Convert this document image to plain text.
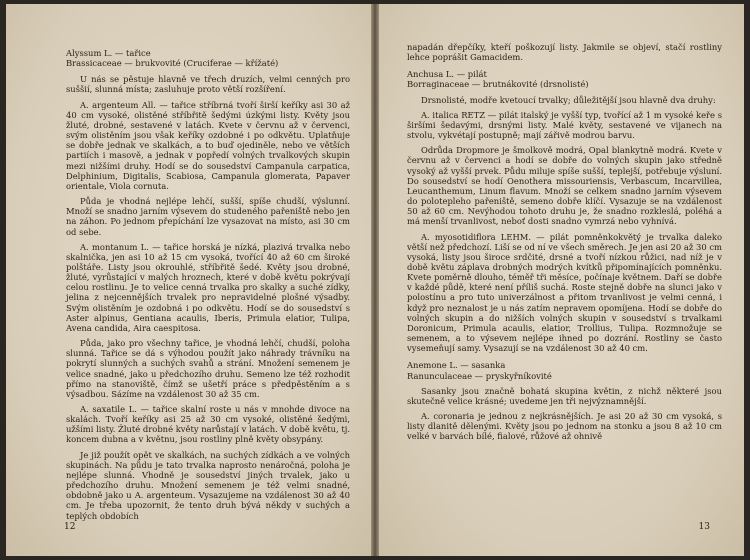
Alyssum L. — tařice

Brassicaceae — brukvovité (Cruciferae — křížaté)

U nás se pěstuje hlavně ve třech druzích, velmi cenných pro suššií, slunná místa; zasluhuje proto větší rozšíření.

A. argenteum All. — tařice stříbrná tvoří širší keříky asi 30 až 40 cm vysoké, olistěné stříbřitě šedými úzkými listy. Květy jsou žluté, drobné, sestavené v latách. Kvete v červnu až v červenci, svým olistěním jsou však keříky ozdobné i po odkvětu. Uplatňuje se dobře jednak ve skalkách, a to buď ojediněle, nebo ve větších partiích i masově, a jednak v popředí volných trvalkových skupin mezi nižšími druhy. Hodí se do sousedství Campanula carpatica, Delphinium, Digitalis, Scabiosa, Campanula glomerata, Papaver orientale, Viola cornuta.

Půda je vhodná nejlépe lehčí, sušší, spíše chudší, výslunní. Množí se snadno jarním výsevem do studeného pařeniště nebo jen na záhon. Po jednom přepíchání lze vysazovat na místo, asi 30 cm od sebe.

A. montanum L. — tařice horská je nízká, plazivá trvalka nebo skalnička, jen asi 10 až 15 cm vysoká, tvořící 40 až 60 cm široké polštáře. Listy jsou okrouhlé, stříbřitě šedé. Květy jsou drobné, žluté, vyrůstající v malých hroznech, které v době květu pokrývají celou rostlinu. Je to velice cenná trvalka pro skalky a suché zídky, jelina z nejcennějších trvalek pro nepravidelné plošné výsadby. Svým olistěním je ozdobná i po odkvětu. Hodí se do sousedství s Aster alpinus, Gentiana acaulis, Iberis, Primula elatior, Tulipa, Avena candida, Aira caespitosa.

Půda, jako pro všechny tařice, je vhodná lehčí, chudší, poloha slunná. Tařice se dá s výhodou použít jako náhrady trávníku na pokrytí slunných a suchých svahů a strání. Množení semenem je velice snadné, jako u předchozího druhu. Semeno lze též rozhodit přímo na stanoviště, čímž se ušetří práce s předpěstěním a s výsadbou. Sázíme na vzdálenost 30 až 35 cm.

A. saxatile L. — tařice skalní roste u nás v mnohde divoce na skalách. Tvoří keříky asi 25 až 30 cm vysoké, olistěné šedými, užšími listy. Žluté drobné květy narůstají v latách. V době květu, tj. koncem dubna a v květnu, jsou rostliny plně květy obsypány.

Je již použít opět ve skalkách, na suchých zídkách a ve volných skupinách. Na půdu je tato trvalka naprosto nenáročná, poloha je nejlépe slunná. Vhodně je sousedství jiných trvalek, jako u předchozího druhu. Množení semenem je též velmi snadné, obdobně jako u A. argenteum. Vysazujeme na vzdálenost 30 až 40 cm. Je třeba upozornit, že tento druh bývá někdy v suchých a teplých obdobích

12

napadán dřepčíky, kteří poškozují listy. Jakmile se objeví, stačí rostliny lehce poprášit Gamacidem.

Anchusa L. — pilát

Borraginaceae — brutnákovité (drsnolisté)

Drsnolisté, modře kvetoucí trvalky; důležitější jsou hlavně dva druhy:

A. italica RETZ — pilát italský je vyšší typ, tvořící až 1 m vysoké keře s širšími šedavými, drsnými listy. Malé květy, sestavené ve vijanech na stvolu, vykvétají postupně; mají zářivě modrou barvu.

Odrůda Dropmore je šmolkově modrá, Opal blankytně modrá. Kvete v červnu až v červenci a hodí se dobře do volných skupin jako středně vysoký až vyšší prvek. Půdu miluje spíše sušší, teplejší, potřebuje výsluní. Do sousedství se hodí Oenothera missouriensis, Verbascum, Incarvillea, Leucanthemum, Linum flavum. Množí se celkem snadno jarním výsevem do polotepleho pařeniště, semeno dobře klíčí. Vysazuje se na vzdálenost 50 až 60 cm. Nevýhodou tohoto druhu je, že snadno rozkleslá, poléhá a má menší trvanlivost, neboť dosti snadno vymrzá nebo vyhnívá.

A. myosotidiflora LEHM. — pilát pomněnkokvětý je trvalka daleko větší než předchozí. Liší se od ní ve všech směrech. Je jen asi 20 až 30 cm vysoká, listy jsou široce srdčité, drsné a tvoří nízkou růžici, nad níž je v době květu záplava drobných modrých kvítků připomínajících pomněnku. Kvete poměrně dlouho, téměř tři měsíce, počínaje květnem. Daří se dobře v každé půdě, které není příliš suchá. Roste stejně dobře na slunci jako v polostínu a pro tuto univerzálnost a přitom trvanlivost je velmi cenná, i když pro neznalost je u nás zatím nepravem opomíjena. Hodí se dobře do volných skupin a do nižších volných skupin v sousedství s trvalkami Doronicum, Primula acaulis, elatior, Trollius, Tulipa. Rozmnožuje se semenem, a to výsevem nejlépe ihned po dozrání. Rostliny se často vysemeňují samy. Vysazují se na vzdálenost 30 až 40 cm.

Anemone L. — sasanka

Ranunculaceae — pryskyřníkovité

Sasanky jsou značně bohatá skupina květin, z nichž některé jsou skutečně velice krásné; uvedeme jen tři nejvýznamnější.

A. coronaria je jednou z nejkrásnějších. Je asi 20 až 30 cm vysoká, s listy dlanitě dělenými. Květy jsou po jednom na stonku a jsou 8 až 10 cm velké v barvách bílé, fialové, růžové až ohnivě

13
